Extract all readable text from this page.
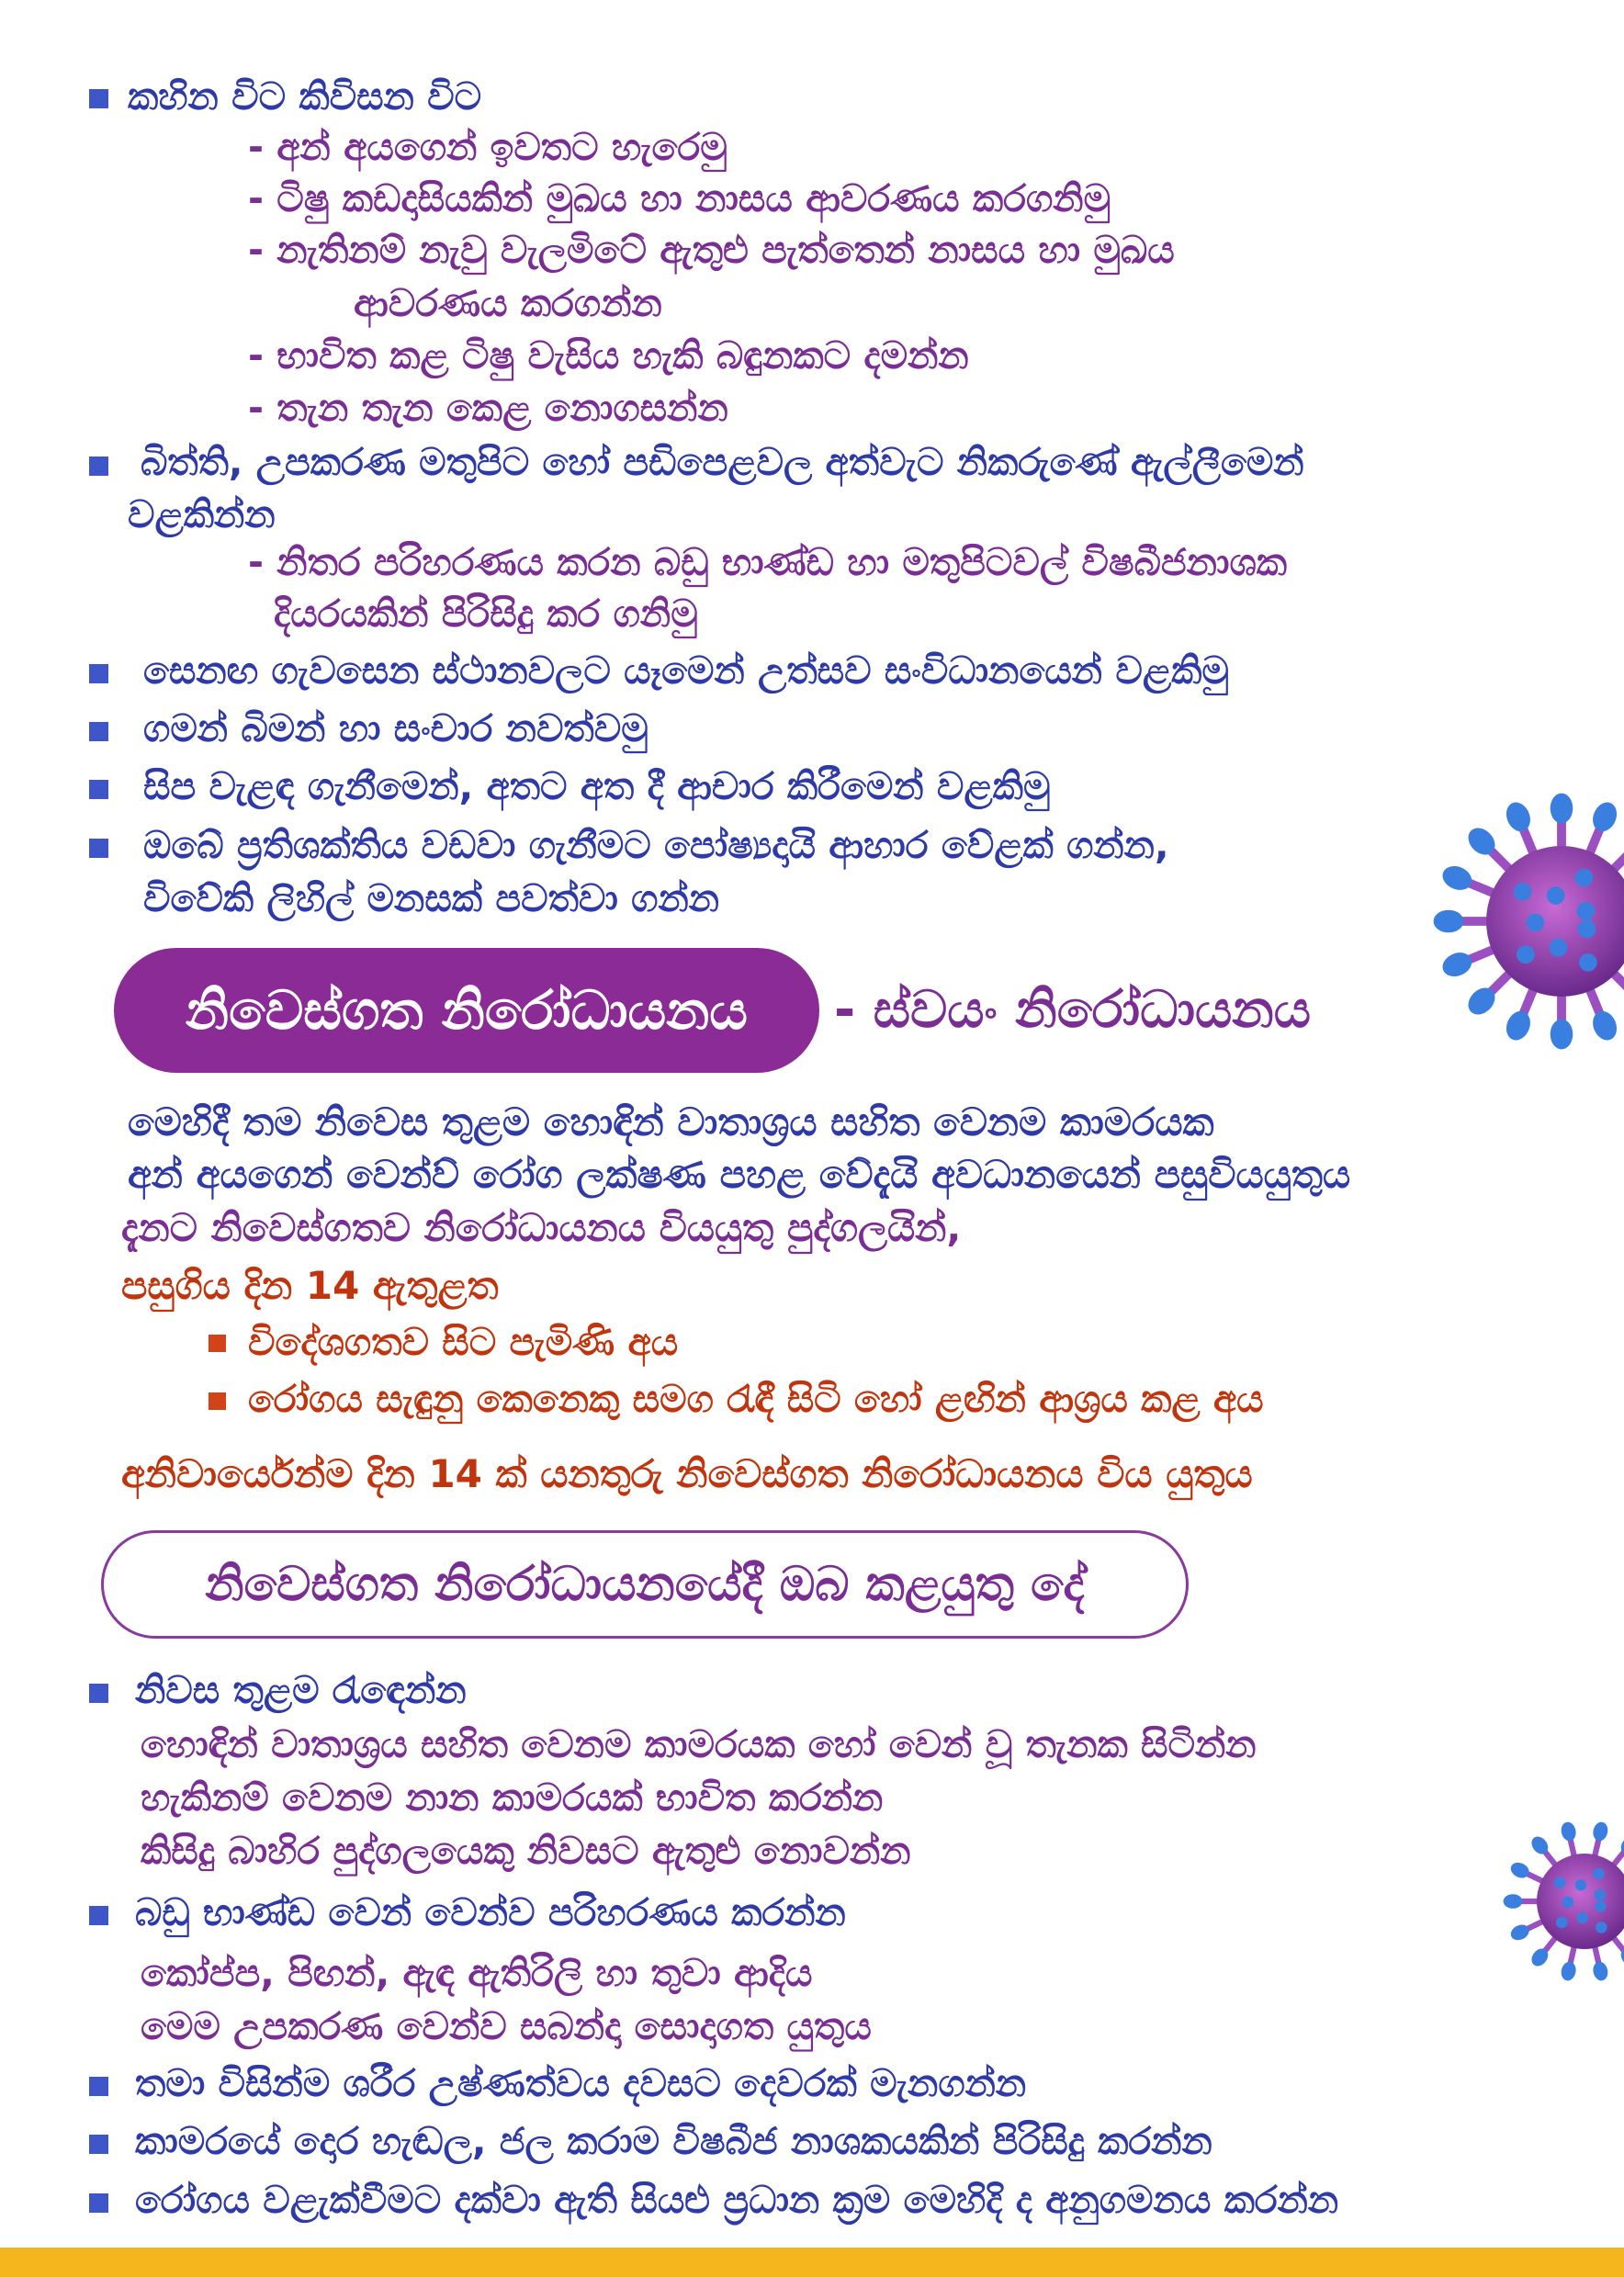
කහින විට කිවිසන විට
- අන් අයගෙන් ඉවතට හැරෙමු
- ටිෂු කඩදාසියකින් මුඛය හා නාසය ආවරණය කරගනිමු
- නැතිනම් නැවු වැලමිටේ ඇතුළු පැත්තෙන් නාසය හා මුඛය
ආවරණය කරගන්න
- භාවිත කළ ටිෂු වැසිය හැකි බඳුනකට දමන්න
- තැන තැන කෙළ නොගසන්න
බිත්ති, උපකරණ මතුපිට හෝ පඩිපෙළවල අත්වැට නිකරුණේ ඇල්ලීමෙන්
වළකින්න
- නිතර පරිහරණය කරන බඩු භාණ්ඩ හා මතුපිටවල් විෂබීජනාශක
දියරයකින් පිරිසිදු කර ගනිමු
සෙනඟ ගැවසෙන ස්ථානවලට යෑමෙන් උත්සව සංවිධානයෙන් වළකිමු
ගමන් බිමන් හා සංචාර නවත්වමු
සිප වැළඳ ගැනීමෙන්, අතට අත දී ආචාර කිරීමෙන් වළකිමු
ඔබේ ප්‍රතිශක්තිය වඩවා ගැනීමට පෝෂ්‍යදායි ආහාර වේළක් ගන්න,
විවේකි ලිහිල් මනසක් පවත්වා ගන්න
නිවෙස්ගත නිරෝධායනය - ස්වයං නිරෝධායනය
මෙහිදී තම නිවෙස තුළම හොඳින් වාතාශ්‍රය සහිත වෙනම කාමරයක
අන් අයගෙන් වෙන්ව් රෝග ලක්ෂණ පහළ වේදැයි අවධානයෙන් පසුවියයුතුය
දැනට නිවෙස්ගතව නිරෝධායනය වියයුතු පුද්ගලයින්,
පසුගිය දින 14 ඇතුළත
විදේශගතව සිට පැමිණි අය
රෝගය සැඳුනු කෙනෙකු සමග රැඳී සිටි හෝ ළඟින් ආශ්‍රය කළ අය
අනිවාර්යෙන්ම දින 14 ක් යනතුරු නිවෙස්ගත නිරෝධායනය විය යුතුය
නිවෙස්ගත නිරෝධායනයේදී ඔබ කළයුතු දේ
නිවස තුළම රැඳෙන්න
හොඳින් වාතාශ්‍රය සහිත වෙනම කාමරයක හෝ වෙන් වූ තැනක සිටින්න
හැකිනම් වෙනම නාන කාමරයක් භාවිත කරන්න
කිසිදු බාහිර පුද්ගලයෙකු නිවසට ඇතුළු නොවන්න
බඩු භාණ්ඩ වෙන් වෙන්ව පරිහරණය කරන්න
කෝප්ප, පිඟන්, ඇඳ ඇතිරිලි හා තුවා ආදිය
මෙම උපකරණ වෙන්ව සබන්දා සොදාගත යුතුය
තමා විසින්ම ශරීර උෂ්ණත්වය දවසට දෙවරක් මැනගන්න
කාමරයේ දොර හැඬල, ජල කරාම විෂබීජ නාශකයකින් පිරිසිදු කරන්න
රෝගය වළැක්වීමට දක්වා ඇති සියළු ප්‍රධාන ක්‍රම මෙහිදි ද අනුගමනය කරන්න
